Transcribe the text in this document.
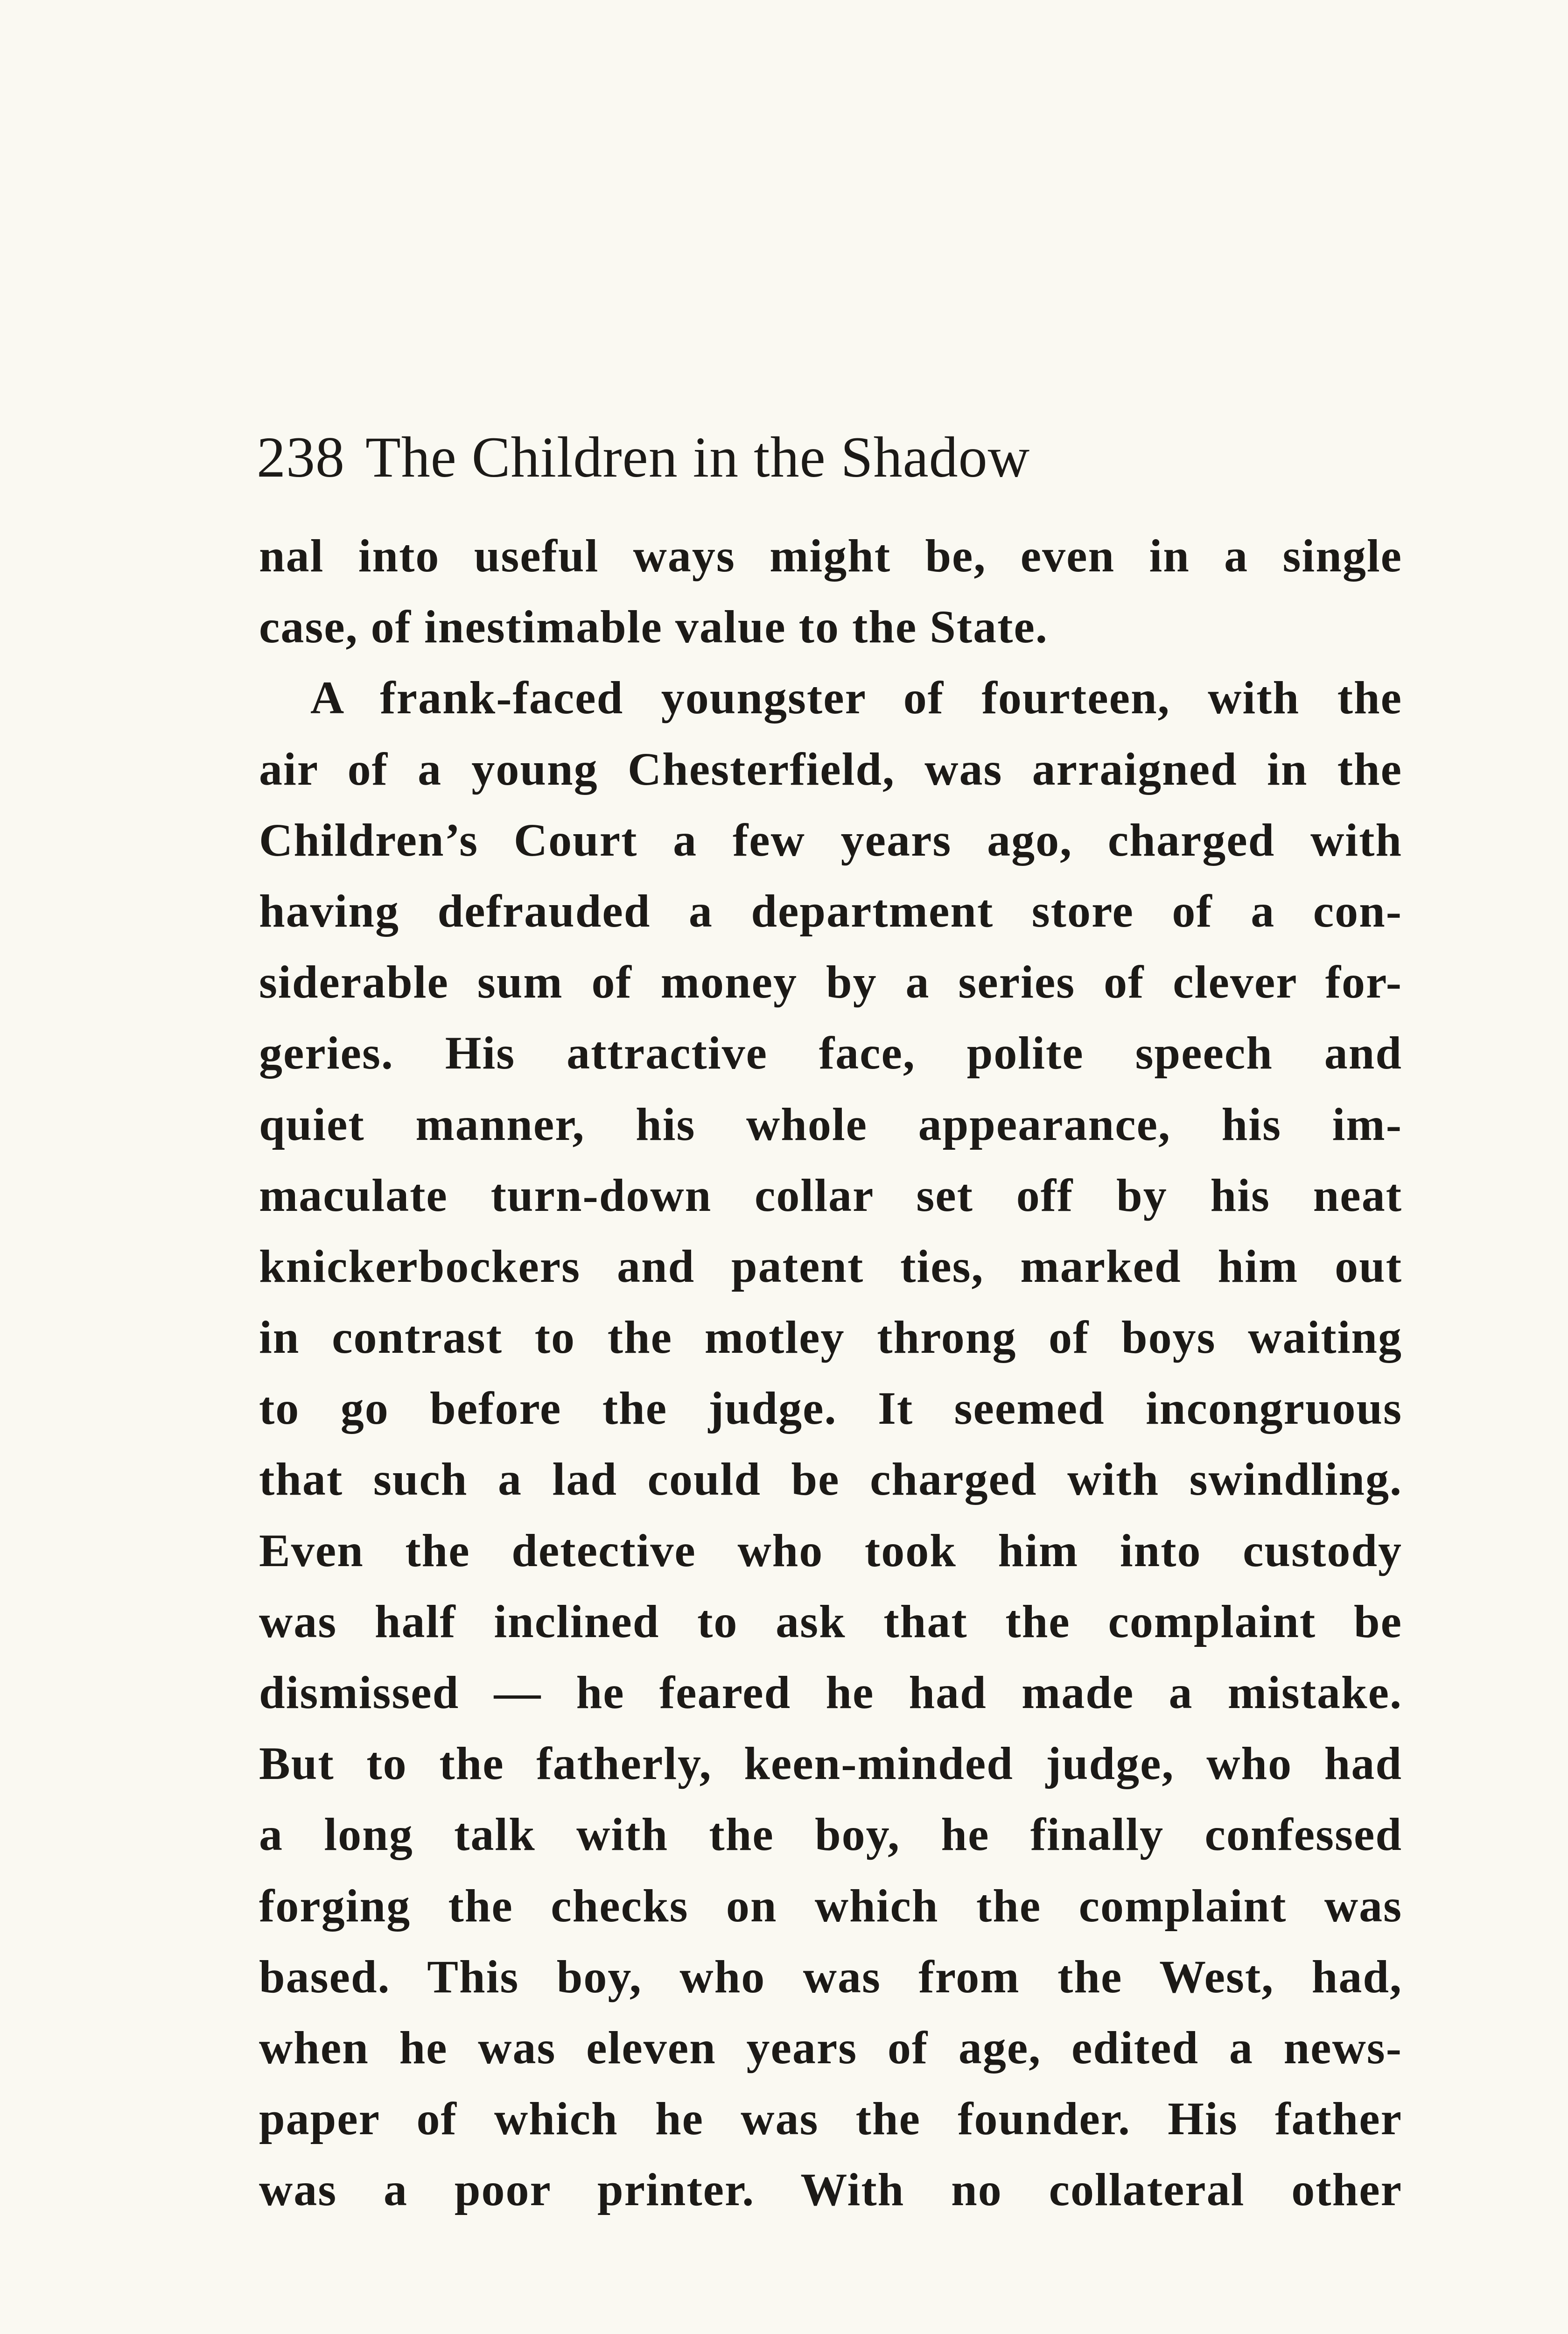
238 The Children in the Shadow
nal into useful ways might be, even in a single
case, of inestimable value to the State.
A frank-faced youngster of fourteen, with the
air of a young Chesterfield, was arraigned in the
Children’s Court a few years ago, charged with
having defrauded a department store of a con-
siderable sum of money by a series of clever for-
geries. His attractive face, polite speech and
quiet manner, his whole appearance, his im-
maculate turn-down collar set off by his neat
knickerbockers and patent ties, marked him out
in contrast to the motley throng of boys waiting
to go before the judge. It seemed incongruous
that such a lad could be charged with swindling.
Even the detective who took him into custody
was half inclined to ask that the complaint be
dismissed — he feared he had made a mistake.
But to the fatherly, keen-minded judge, who had
a long talk with the boy, he finally confessed
forging the checks on which the complaint was
based. This boy, who was from the West, had,
when he was eleven years of age, edited a news-
paper of which he was the founder. His father
was a poor printer. With no collateral other
